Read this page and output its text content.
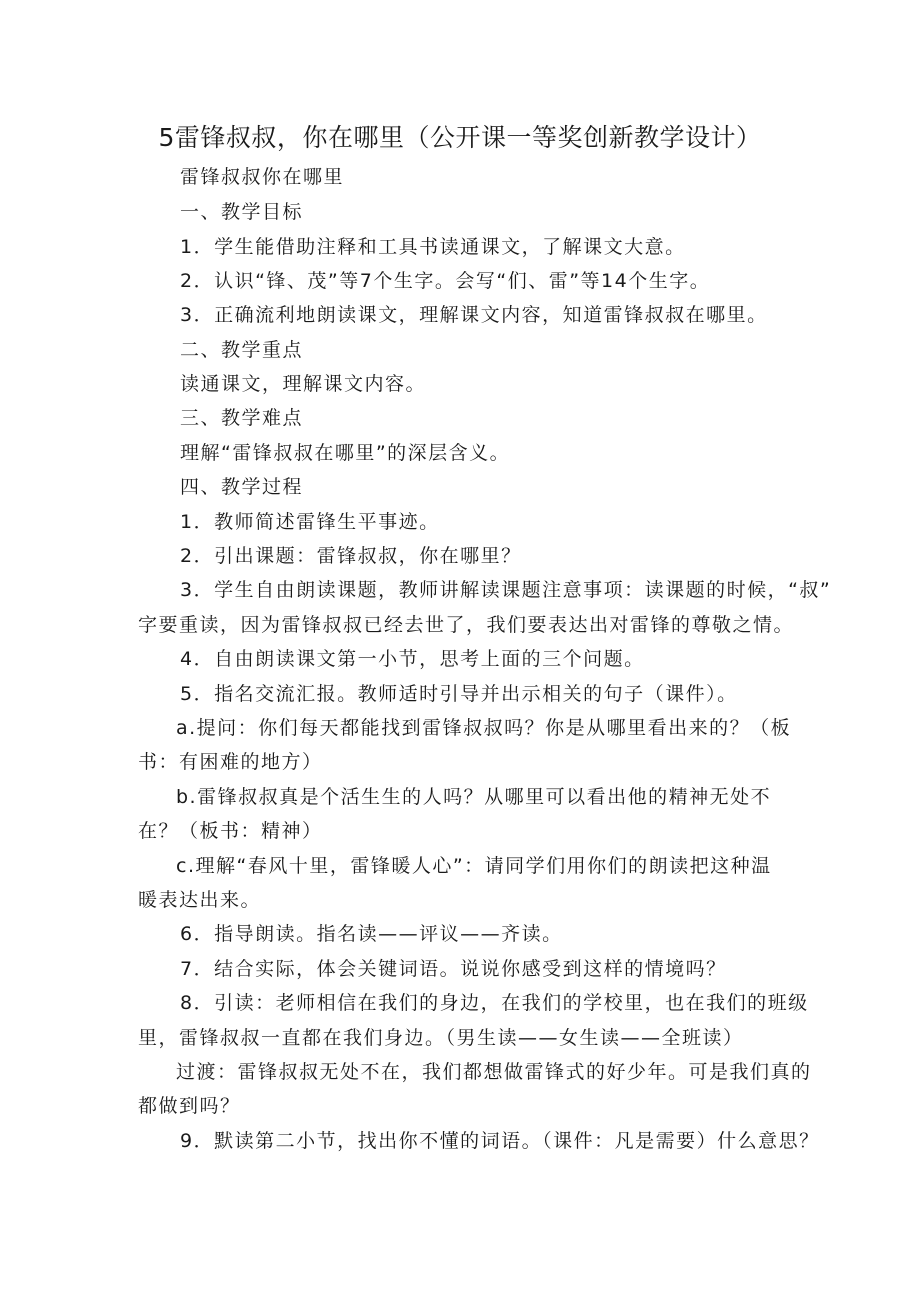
5雷锋叔叔，你在哪里（公开课一等奖创新教学设计）
雷锋叔叔你在哪里
一、教学目标
1．学生能借助注释和工具书读通课文，了解课文大意。
2．认识“锋、茂”等7个生字。会写“们、雷”等14个生字。
3．正确流利地朗读课文，理解课文内容，知道雷锋叔叔在哪里。
二、教学重点
读通课文，理解课文内容。
三、教学难点
理解“雷锋叔叔在哪里”的深层含义。
四、教学过程
1．教师简述雷锋生平事迹。
2．引出课题：雷锋叔叔，你在哪里？
3．学生自由朗读课题，教师讲解读课题注意事项：读课题的时候，“叔”
字要重读，因为雷锋叔叔已经去世了，我们要表达出对雷锋的尊敬之情。
4．自由朗读课文第一小节，思考上面的三个问题。
5．指名交流汇报。教师适时引导并出示相关的句子（课件）。
a.提问：你们每天都能找到雷锋叔叔吗？你是从哪里看出来的？（板
书：有困难的地方）
b.雷锋叔叔真是个活生生的人吗？从哪里可以看出他的精神无处不
在？（板书：精神）
c.理解“春风十里，雷锋暖人心”：请同学们用你们的朗读把这种温
暖表达出来。
6．指导朗读。指名读——评议——齐读。
7．结合实际，体会关键词语。说说你感受到这样的情境吗？
8．引读：老师相信在我们的身边，在我们的学校里，也在我们的班级
里，雷锋叔叔一直都在我们身边。（男生读——女生读——全班读）
过渡：雷锋叔叔无处不在，我们都想做雷锋式的好少年。可是我们真的
都做到吗？
9．默读第二小节，找出你不懂的词语。（课件：凡是需要）什么意思？
